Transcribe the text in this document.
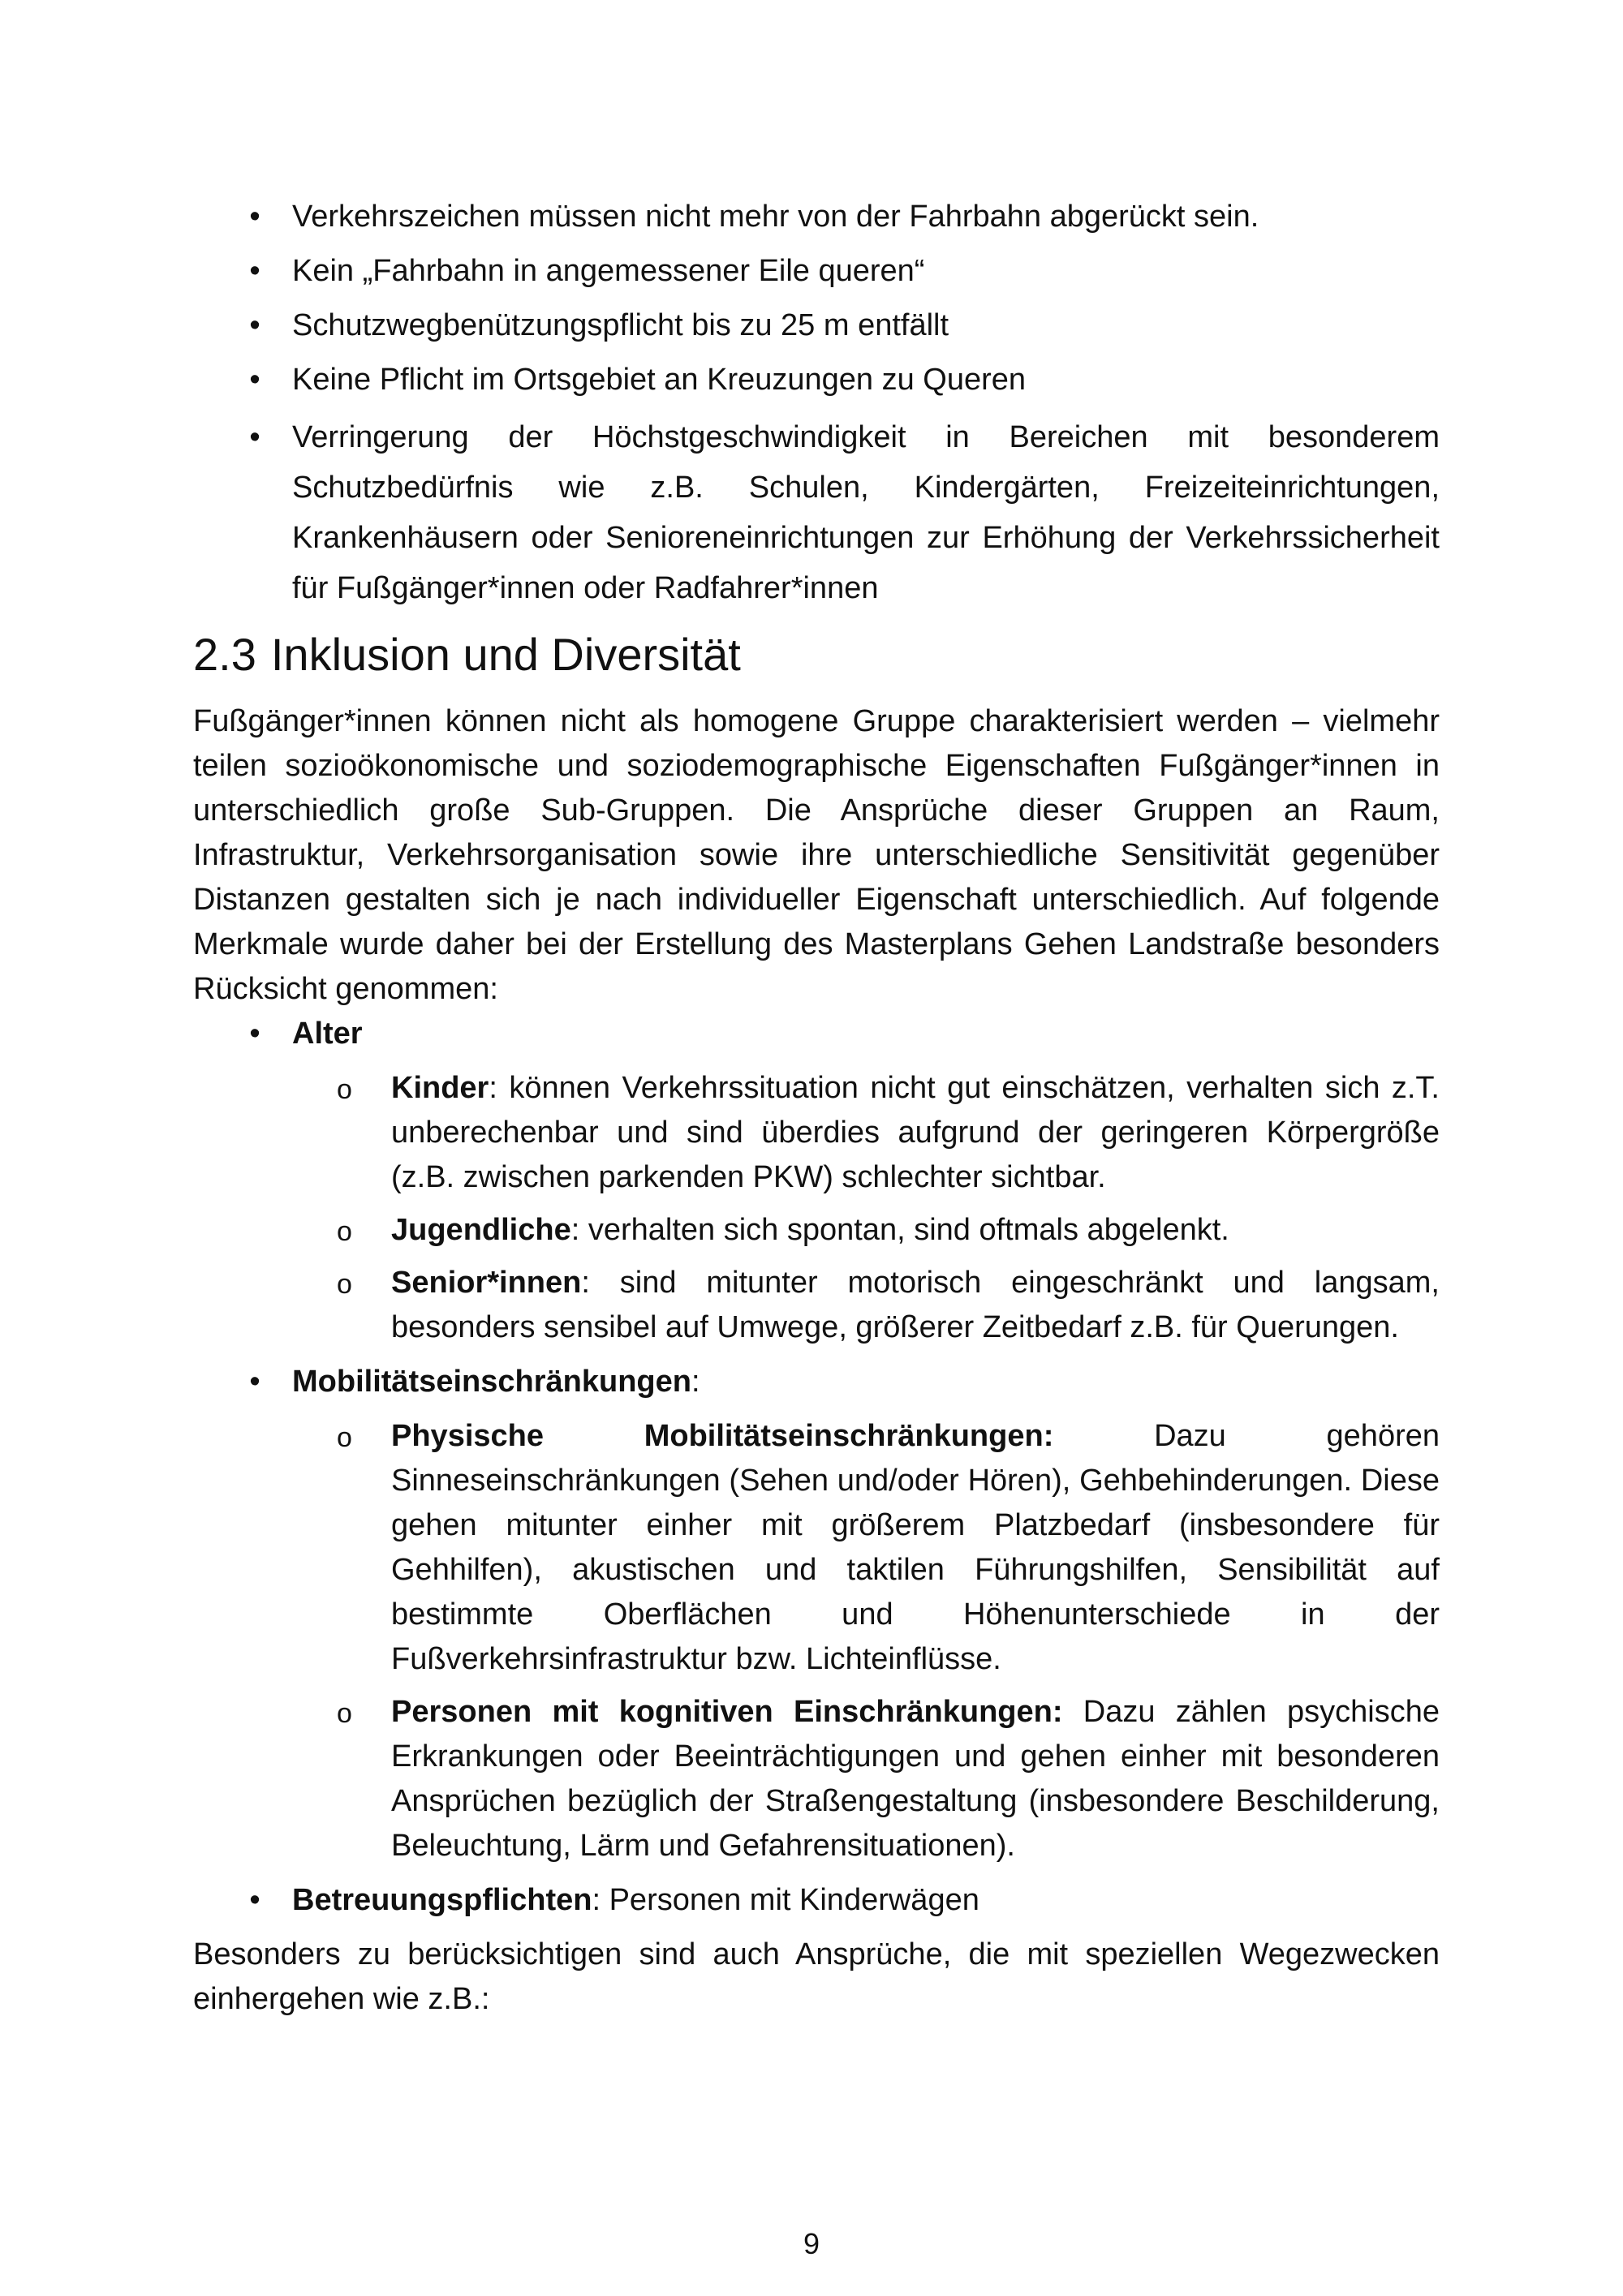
• Verkehrszeichen müssen nicht mehr von der Fahrbahn abgerückt sein.
• Kein „Fahrbahn in angemessener Eile queren“
• Schutzwegbenützungspflicht bis zu 25 m entfällt
• Keine Pflicht im Ortsgebiet an Kreuzungen zu Queren
• Verringerung der Höchstgeschwindigkeit in Bereichen mit besonderem Schutzbedürfnis wie z.B. Schulen, Kindergärten, Freizeiteinrichtungen, Krankenhäusern oder Senioreneinrichtungen zur Erhöhung der Verkehrssicherheit für Fußgänger*innen oder Radfahrer*innen
2.3 Inklusion und Diversität

Fußgänger*innen können nicht als homogene Gruppe charakterisiert werden – vielmehr teilen sozioökonomische und soziodemographische Eigenschaften Fußgänger*innen in unterschiedlich große Sub-Gruppen. Die Ansprüche dieser Gruppen an Raum, Infrastruktur, Verkehrsorganisation sowie ihre unterschiedliche Sensitivität gegenüber Distanzen gestalten sich je nach individueller Eigenschaft unterschiedlich. Auf folgende Merkmale wurde daher bei der Erstellung des Masterplans Gehen Landstraße besonders Rücksicht genommen:

• Alter
o Kinder: können Verkehrssituation nicht gut einschätzen, verhalten sich z.T. unberechenbar und sind überdies aufgrund der geringeren Körpergröße (z.B. zwischen parkenden PKW) schlechter sichtbar.
o Jugendliche: verhalten sich spontan, sind oftmals abgelenkt.
o Senior*innen: sind mitunter motorisch eingeschränkt und langsam, besonders sensibel auf Umwege, größerer Zeitbedarf z.B. für Querungen.
• Mobilitätseinschränkungen:
o Physische Mobilitätseinschränkungen: Dazu gehören Sinneseinschränkungen (Sehen und/oder Hören), Gehbehinderungen. Diese gehen mitunter einher mit größerem Platzbedarf (insbesondere für Gehhilfen), akustischen und taktilen Führungshilfen, Sensibilität auf bestimmte Oberflächen und Höhenunterschiede in der Fußverkehrsinfrastruktur bzw. Lichteinflüsse.
o Personen mit kognitiven Einschränkungen: Dazu zählen psychische Erkrankungen oder Beeinträchtigungen und gehen einher mit besonderen Ansprüchen bezüglich der Straßengestaltung (insbesondere Beschilderung, Beleuchtung, Lärm und Gefahrensituationen).
• Betreuungspflichten: Personen mit Kinderwägen

Besonders zu berücksichtigen sind auch Ansprüche, die mit speziellen Wegezwecken einhergehen wie z.B.:

9
